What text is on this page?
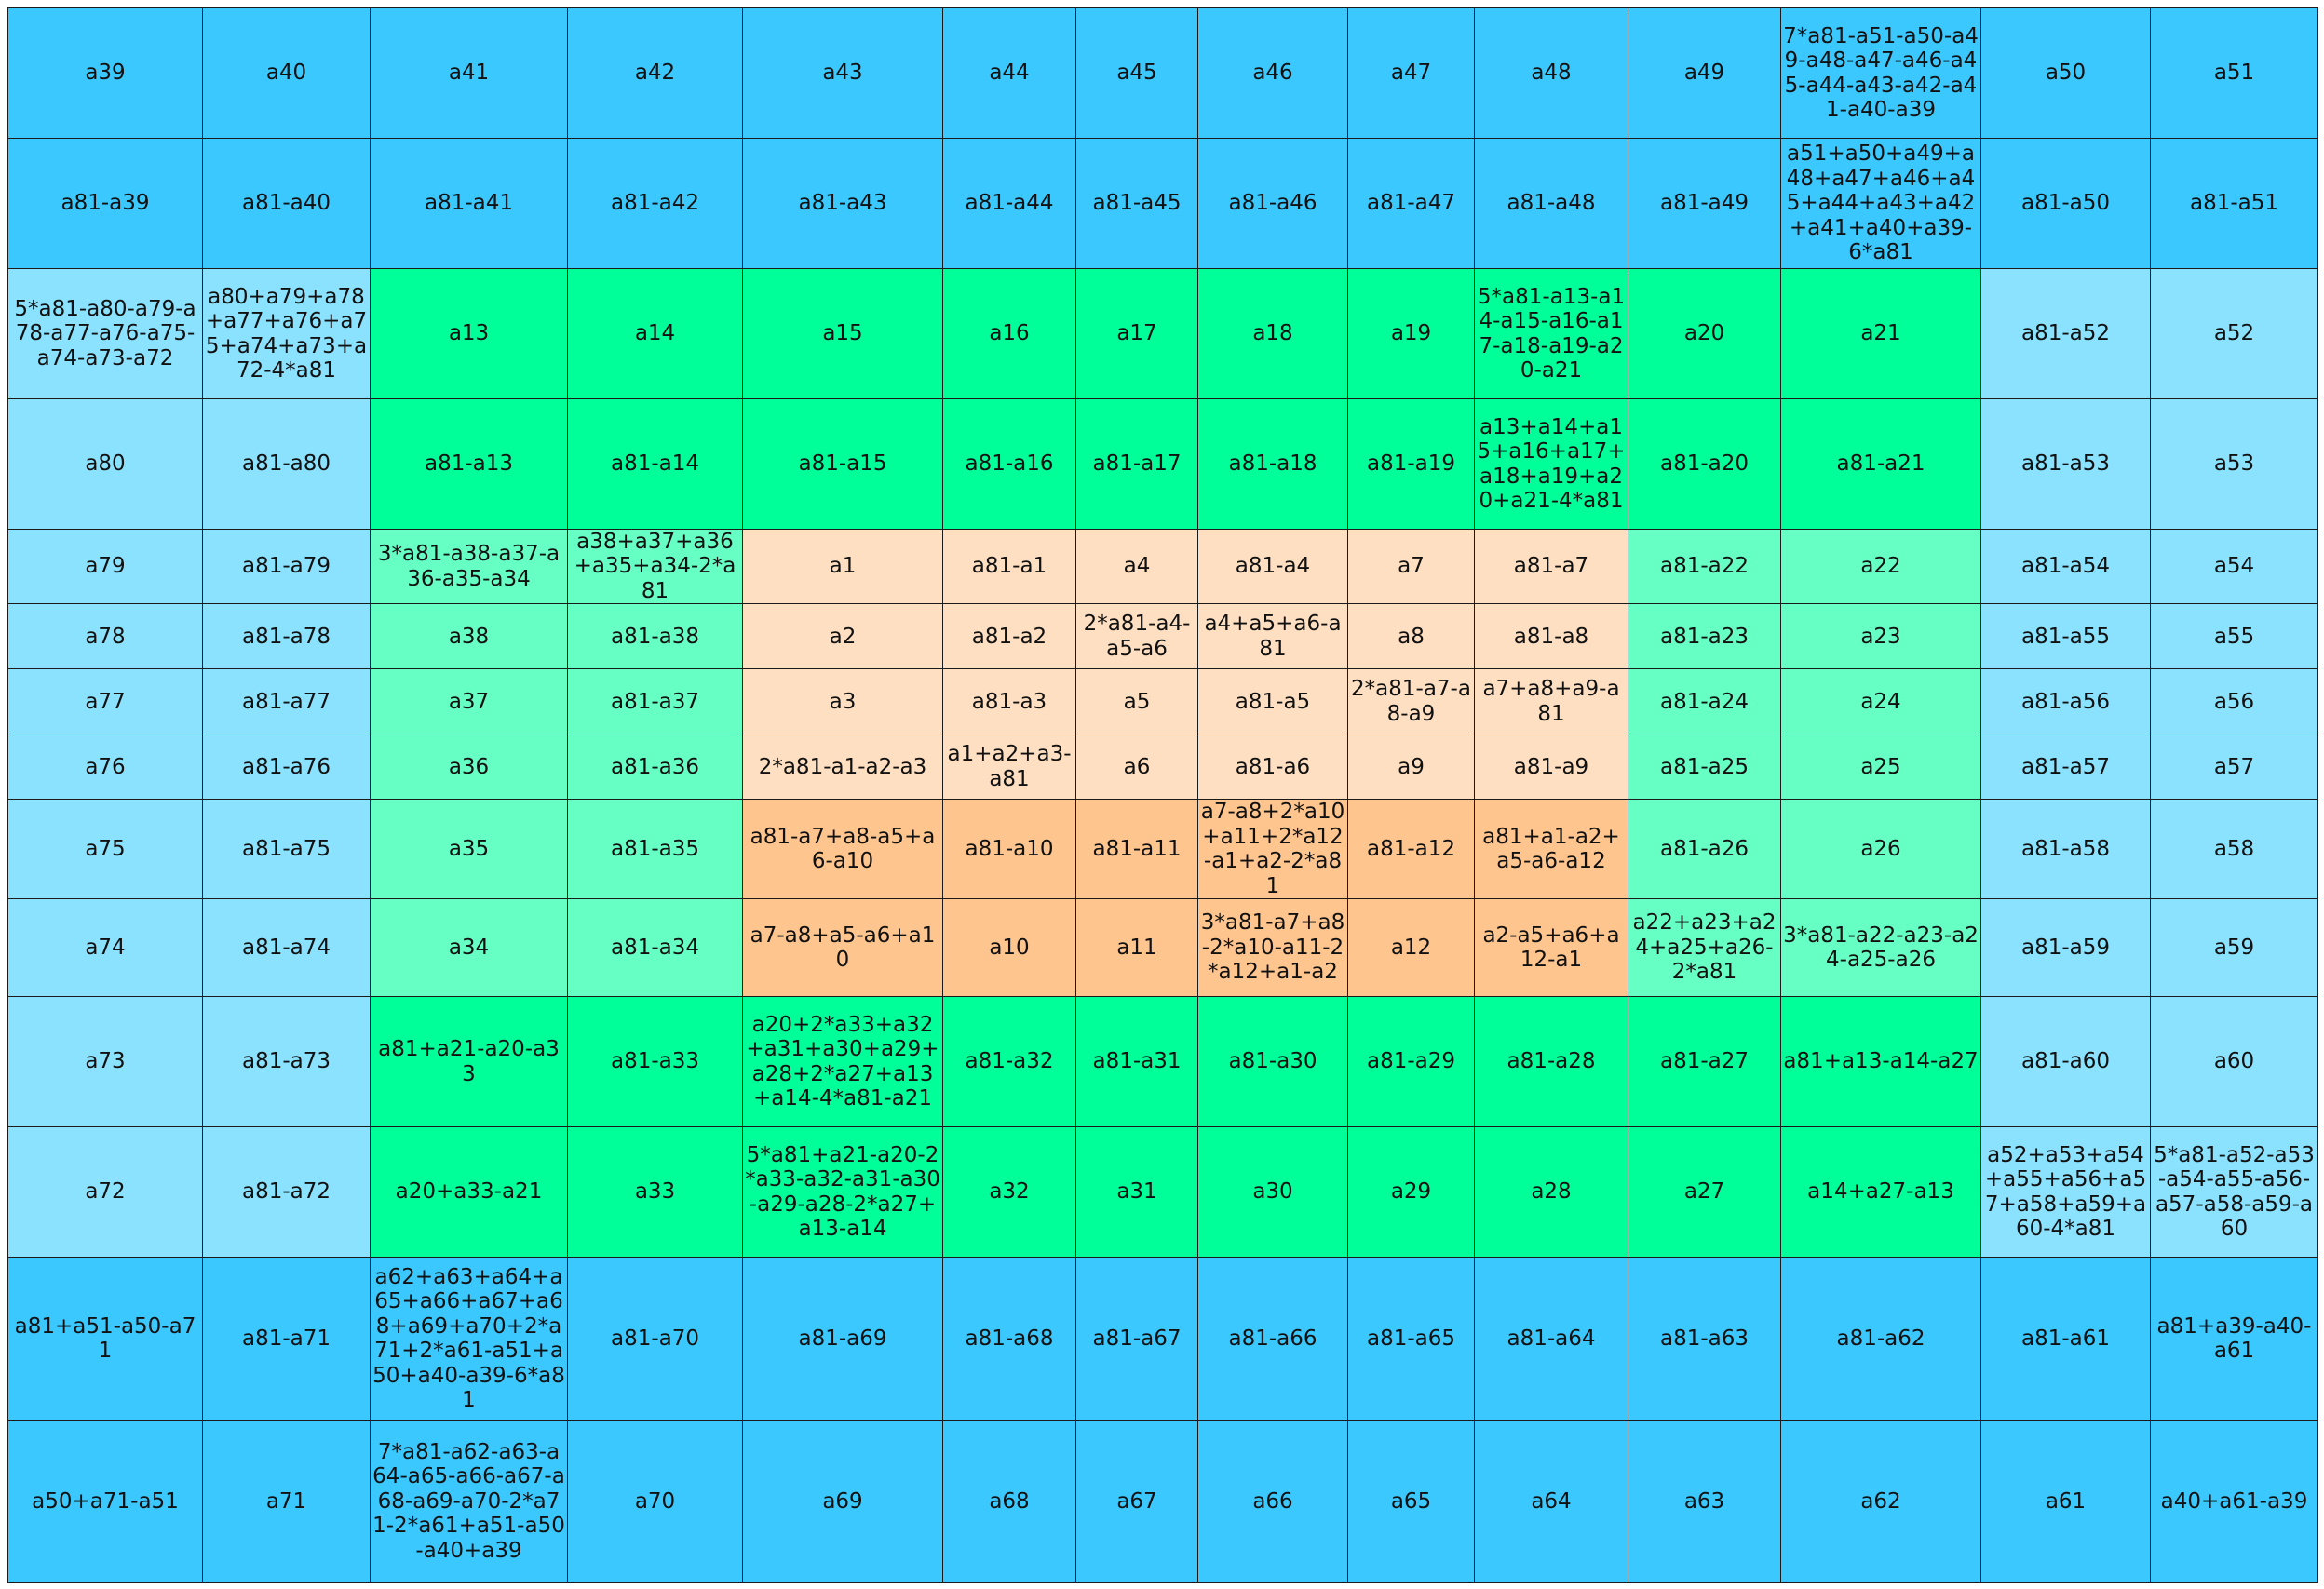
a39	a40	a41	a42	a43	a44	a45	a46	a47	a48	a49	7*a81-a51-a50-a49-a48-a47-a46-a45-a44-a43-a42-a41-a40-a39	a50	a51
a81-a39	a81-a40	a81-a41	a81-a42	a81-a43	a81-a44	a81-a45	a81-a46	a81-a47	a81-a48	a81-a49	a51+a50+a49+a48+a47+a46+a45+a44+a43+a42+a41+a40+a39-6*a81	a81-a50	a81-a51
5*a81-a80-a79-a78-a77-a76-a75-a74-a73-a72	a80+a79+a78+a77+a76+a75+a74+a73+a72-4*a81	a13	a14	a15	a16	a17	a18	a19	5*a81-a13-a14-a15-a16-a17-a18-a19-a20-a21	a20	a21	a81-a52	a52
a80	a81-a80	a81-a13	a81-a14	a81-a15	a81-a16	a81-a17	a81-a18	a81-a19	a13+a14+a15+a16+a17+a18+a19+a20+a21-4*a81	a81-a20	a81-a21	a81-a53	a53
a79	a81-a79	3*a81-a38-a37-a36-a35-a34	a38+a37+a36+a35+a34-2*a81	a1	a81-a1	a4	a81-a4	a7	a81-a7	a81-a22	a22	a81-a54	a54
a78	a81-a78	a38	a81-a38	a2	a81-a2	2*a81-a4-a5-a6	a4+a5+a6-a81	a8	a81-a8	a81-a23	a23	a81-a55	a55
a77	a81-a77	a37	a81-a37	a3	a81-a3	a5	a81-a5	2*a81-a7-a8-a9	a7+a8+a9-a81	a81-a24	a24	a81-a56	a56
a76	a81-a76	a36	a81-a36	2*a81-a1-a2-a3	a1+a2+a3-a81	a6	a81-a6	a9	a81-a9	a81-a25	a25	a81-a57	a57
a75	a81-a75	a35	a81-a35	a81-a7+a8-a5+a6-a10	a81-a10	a81-a11	a7-a8+2*a10+a11+2*a12-a1+a2-2*a81	a81-a12	a81+a1-a2+a5-a6-a12	a81-a26	a26	a81-a58	a58
a74	a81-a74	a34	a81-a34	a7-a8+a5-a6+a10	a10	a11	3*a81-a7+a8-2*a10-a11-2*a12+a1-a2	a12	a2-a5+a6+a12-a1	a22+a23+a24+a25+a26-2*a81	3*a81-a22-a23-a24-a25-a26	a81-a59	a59
a73	a81-a73	a81+a21-a20-a33	a81-a33	a20+2*a33+a32+a31+a30+a29+a28+2*a27+a13+a14-4*a81-a21	a81-a32	a81-a31	a81-a30	a81-a29	a81-a28	a81-a27	a81+a13-a14-a27	a81-a60	a60
a72	a81-a72	a20+a33-a21	a33	5*a81+a21-a20-2*a33-a32-a31-a30-a29-a28-2*a27+a13-a14	a32	a31	a30	a29	a28	a27	a14+a27-a13	a52+a53+a54+a55+a56+a57+a58+a59+a60-4*a81	5*a81-a52-a53-a54-a55-a56-a57-a58-a59-a60
a81+a51-a50-a71	a81-a71	a62+a63+a64+a65+a66+a67+a68+a69+a70+2*a71+2*a61-a51+a50+a40-a39-6*a81	a81-a70	a81-a69	a81-a68	a81-a67	a81-a66	a81-a65	a81-a64	a81-a63	a81-a62	a81-a61	a81+a39-a40-a61
a50+a71-a51	a71	7*a81-a62-a63-a64-a65-a66-a67-a68-a69-a70-2*a71-2*a61+a51-a50-a40+a39	a70	a69	a68	a67	a66	a65	a64	a63	a62	a61	a40+a61-a39
